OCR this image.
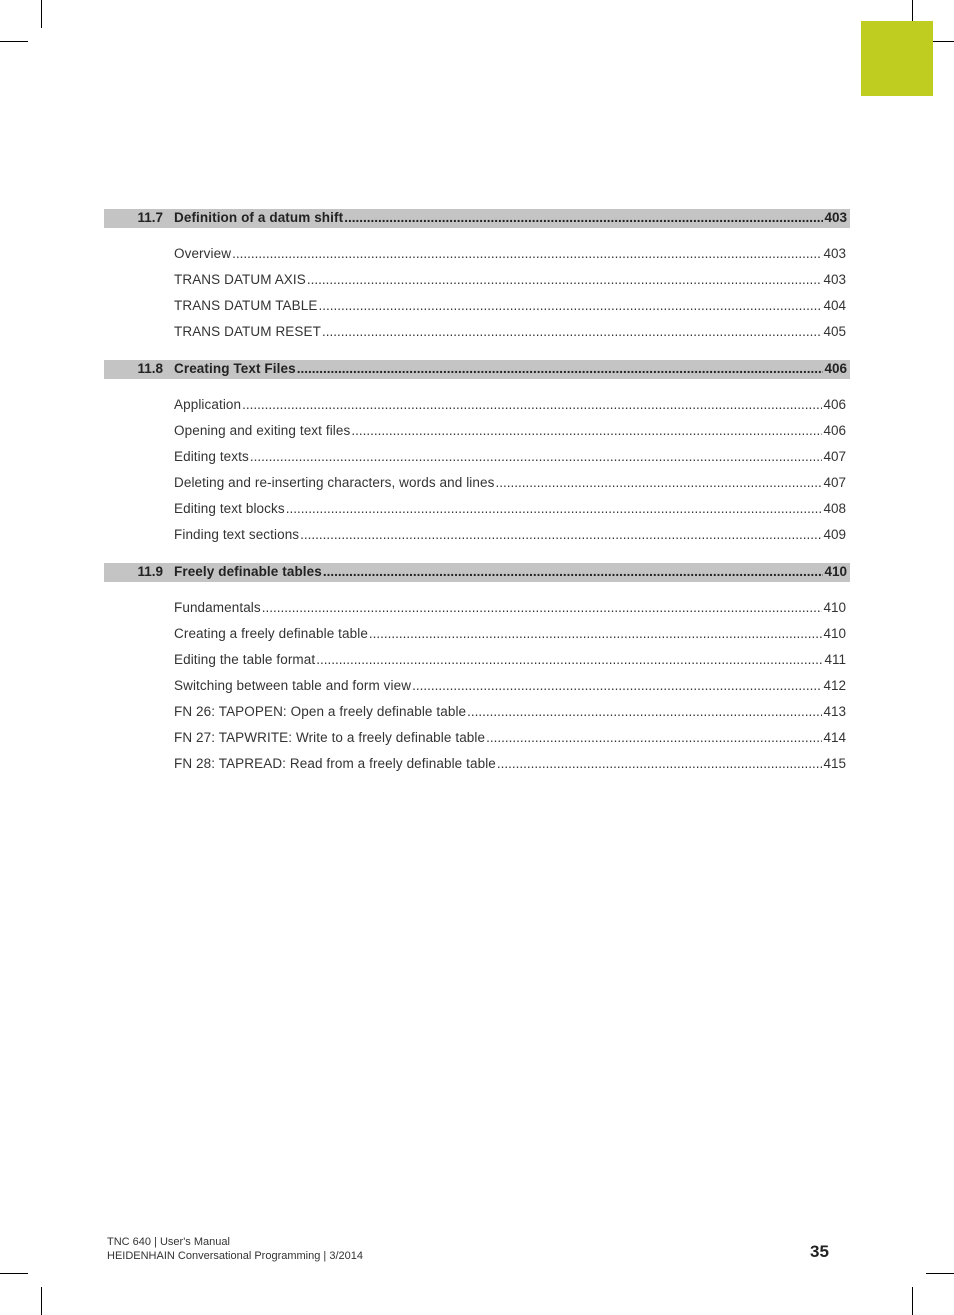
11.7 Definition of a datum shift .....	403
Overview .....	403
TRANS DATUM AXIS .....	403
TRANS DATUM TABLE .....	404
TRANS DATUM RESET .....	405
11.8 Creating Text Files .....	406
Application .....	406
Opening and exiting text files .....	406
Editing texts .....	407
Deleting and re-inserting characters, words and lines .....	407
Editing text blocks .....	408
Finding text sections .....	409
11.9 Freely definable tables .....	410
Fundamentals .....	410
Creating a freely definable table .....	410
Editing the table format .....	411
Switching between table and form view .....	412
FN 26: TAPOPEN: Open a freely definable table .....	413
FN 27: TAPWRITE: Write to a freely definable table .....	414
FN 28: TAPREAD: Read from a freely definable table .....	415
TNC 640 | User's Manual
HEIDENHAIN Conversational Programming | 3/2014	35
